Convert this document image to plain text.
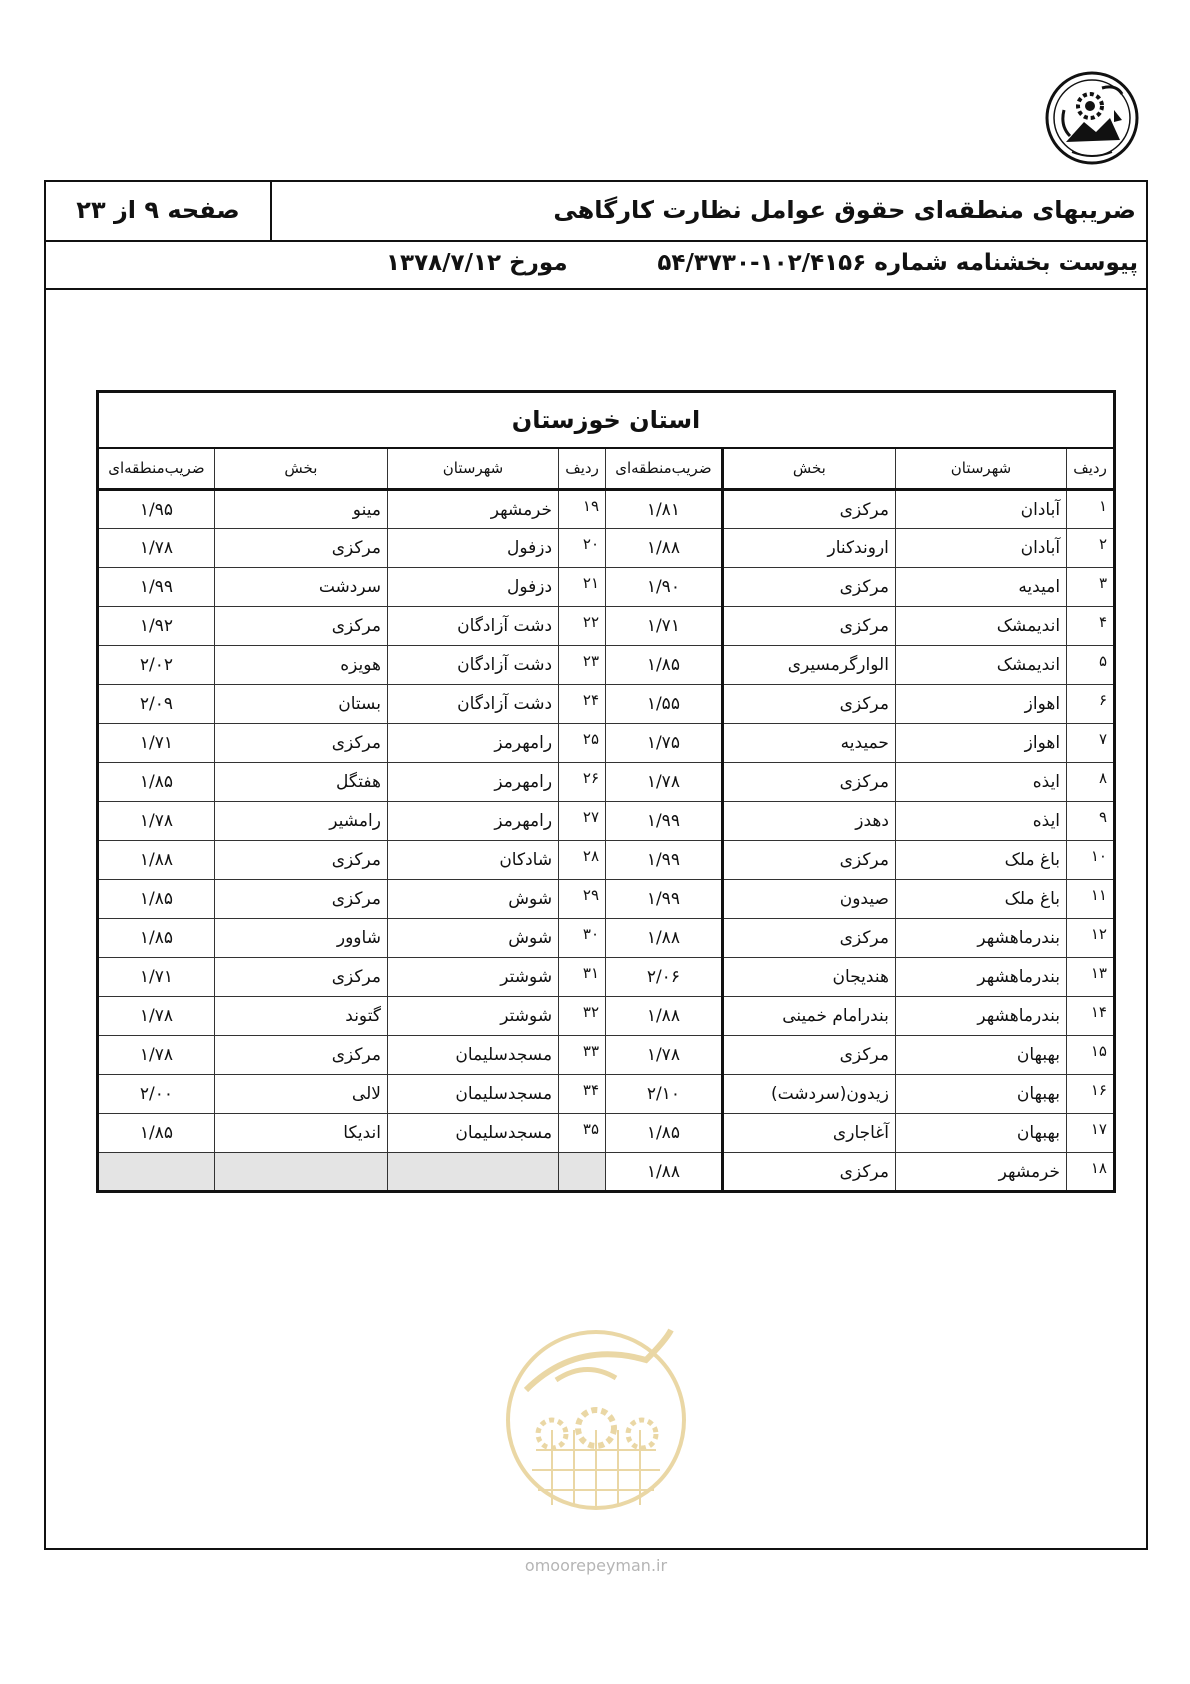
ضریبهای منطقه‌ای حقوق عوامل نظارت کارگاهی
صفحه ۹ از ۲۳
پیوست بخشنامه شماره ۱۰۲/۴۱۵۶-۵۴/۳۷۳۰
مورخ ۱۳۷۸/۷/۱۲
استان خوزستان							
ردیف	شهرستان	بخش	ضریب‌منطقه‌ای	ردیف	شهرستان	بخش	ضریب‌منطقه‌ای
۱	آبادان	مرکزی	۱/۸۱	۱۹	خرمشهر	مینو	۱/۹۵
۲	آبادان	اروندکنار	۱/۸۸	۲۰	دزفول	مرکزی	۱/۷۸
۳	امیدیه	مرکزی	۱/۹۰	۲۱	دزفول	سردشت	۱/۹۹
۴	اندیمشک	مرکزی	۱/۷۱	۲۲	دشت آزادگان	مرکزی	۱/۹۲
۵	اندیمشک	الوارگرمسیری	۱/۸۵	۲۳	دشت آزادگان	هویزه	۲/۰۲
۶	اهواز	مرکزی	۱/۵۵	۲۴	دشت آزادگان	بستان	۲/۰۹
۷	اهواز	حمیدیه	۱/۷۵	۲۵	رامهرمز	مرکزی	۱/۷۱
۸	ایذه	مرکزی	۱/۷۸	۲۶	رامهرمز	هفتگل	۱/۸۵
۹	ایذه	دهدز	۱/۹۹	۲۷	رامهرمز	رامشیر	۱/۷۸
۱۰	باغ ملک	مرکزی	۱/۹۹	۲۸	شادکان	مرکزی	۱/۸۸
۱۱	باغ ملک	صیدون	۱/۹۹	۲۹	شوش	مرکزی	۱/۸۵
۱۲	بندرماهشهر	مرکزی	۱/۸۸	۳۰	شوش	شاوور	۱/۸۵
۱۳	بندرماهشهر	هندیجان	۲/۰۶	۳۱	شوشتر	مرکزی	۱/۷۱
۱۴	بندرماهشهر	بندرامام خمینی	۱/۸۸	۳۲	شوشتر	گتوند	۱/۷۸
۱۵	بهبهان	مرکزی	۱/۷۸	۳۳	مسجدسلیمان	مرکزی	۱/۷۸
۱۶	بهبهان	زیدون(سردشت)	۲/۱۰	۳۴	مسجدسلیمان	لالی	۲/۰۰
۱۷	بهبهان	آغاجاری	۱/۸۵	۳۵	مسجدسلیمان	اندیکا	۱/۸۵
۱۸	خرمشهر	مرکزی	۱/۸۸				
omoorepeyman.ir
